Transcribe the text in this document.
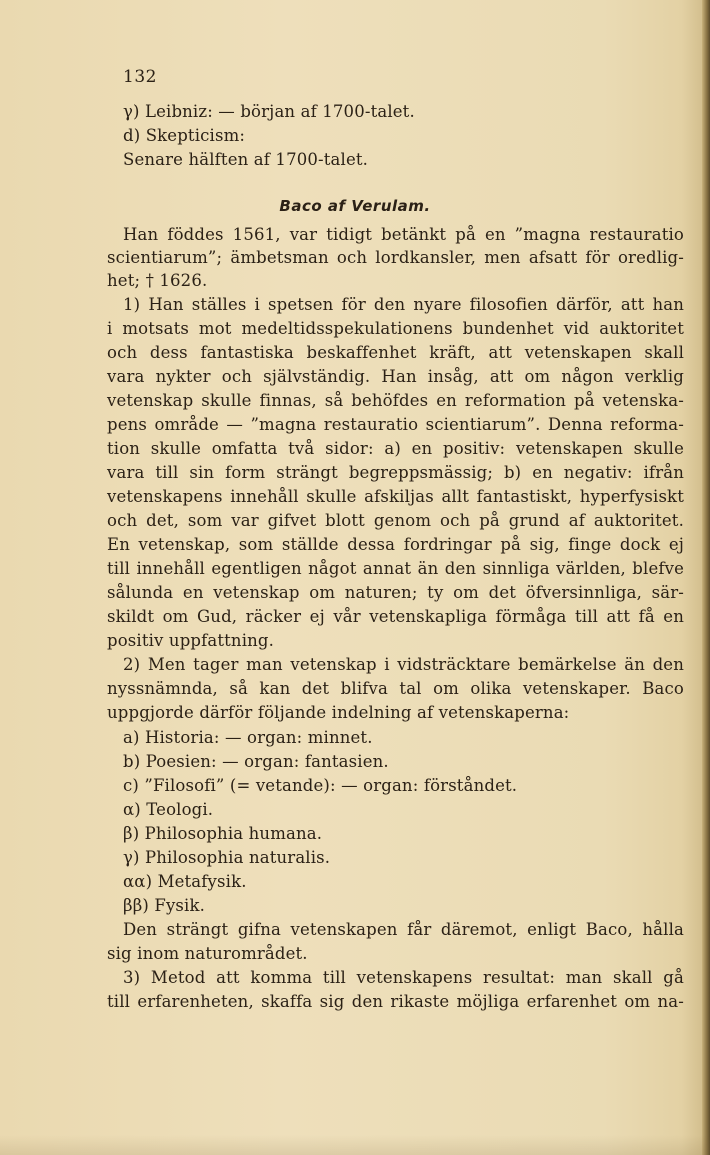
132
γ) Leibniz: — början af 1700-talet.
d) Skepticism:
Senare hälften af 1700-talet.
Baco af Verulam.
Han föddes 1561, var tidigt betänkt på en ”magna restauratio
scientiarum”; ämbetsman och lordkansler, men afsatt för oredlig-
het; † 1626.
1) Han ställes i spetsen för den nyare filosofien därför, att han
i motsats mot medeltidsspekulationens bundenhet vid auktoritet
och dess fantastiska beskaffenhet kräft, att vetenskapen skall
vara nykter och självständig. Han insåg, att om någon verklig
vetenskap skulle finnas, så behöfdes en reformation på vetenska-
pens område — ”magna restauratio scientiarum”. Denna reforma-
tion skulle omfatta två sidor: a) en positiv: vetenskapen skulle
vara till sin form strängt begreppsmässig; b) en negativ: ifrån
vetenskapens innehåll skulle afskiljas allt fantastiskt, hyperfysiskt
och det, som var gifvet blott genom och på grund af auktoritet.
En vetenskap, som ställde dessa fordringar på sig, finge dock ej
till innehåll egentligen något annat än den sinnliga världen, blefve
sålunda en vetenskap om naturen; ty om det öfversinnliga, sär-
skildt om Gud, räcker ej vår vetenskapliga förmåga till att få en
positiv uppfattning.
2) Men tager man vetenskap i vidsträcktare bemärkelse än den
nyssnämnda, så kan det blifva tal om olika vetenskaper. Baco
uppgjorde därför följande indelning af vetenskaperna:
a) Historia: — organ: minnet.
b) Poesien: — organ: fantasien.
c) ”Filosofi” (= vetande): — organ: förståndet.
α) Teologi.
β) Philosophia humana.
γ) Philosophia naturalis.
αα) Metafysik.
ββ) Fysik.
Den strängt gifna vetenskapen får däremot, enligt Baco, hålla
sig inom naturområdet.
3) Metod att komma till vetenskapens resultat: man skall gå
till erfarenheten, skaffa sig den rikaste möjliga erfarenhet om na-
